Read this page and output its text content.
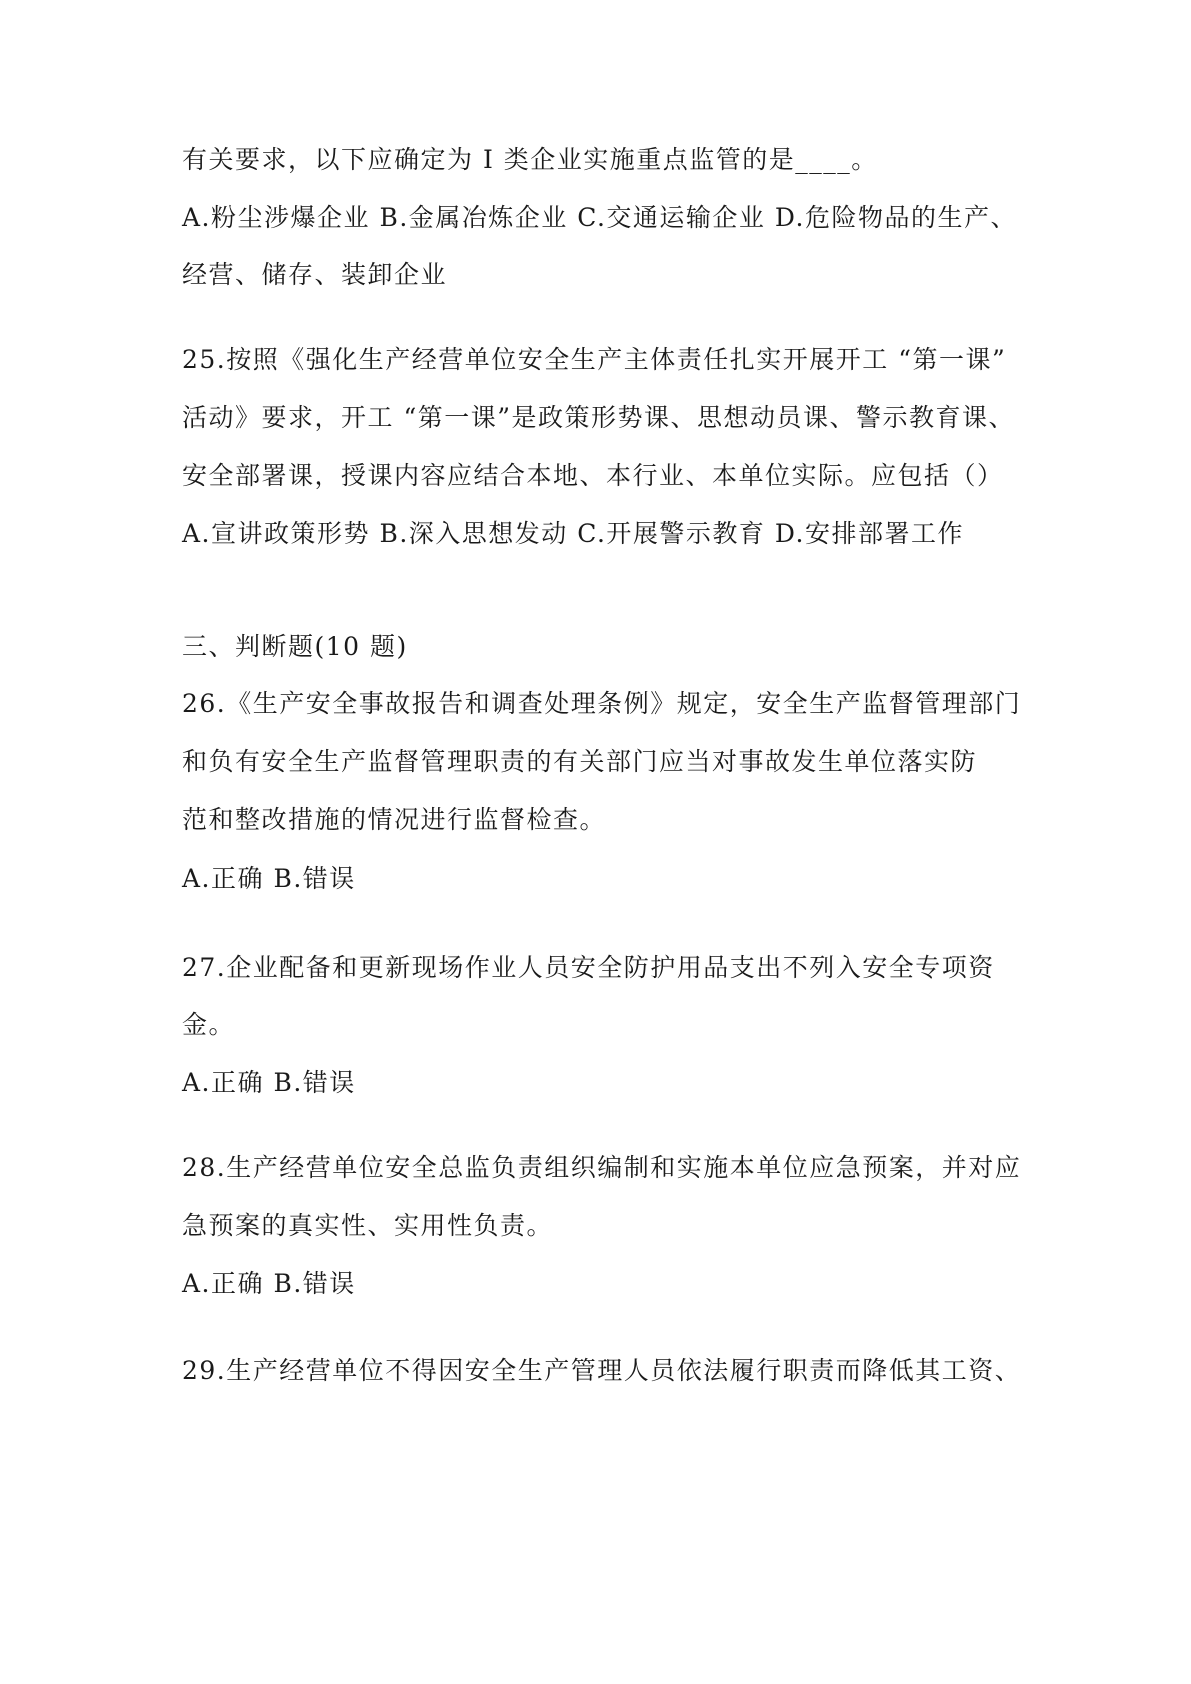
有关要求，以下应确定为 I 类企业实施重点监管的是____。
A.粉尘涉爆企业 B.金属冶炼企业 C.交通运输企业 D.危险物品的生产、
经营、储存、装卸企业
25.按照《强化生产经营单位安全生产主体责任扎实开展开工 “第一课”
活动》要求，开工 “第一课”是政策形势课、思想动员课、警示教育课、
安全部署课，授课内容应结合本地、本行业、本单位实际。应包括（）
A.宣讲政策形势 B.深入思想发动 C.开展警示教育 D.安排部署工作
三、判断题(10 题)
26.《生产安全事故报告和调查处理条例》规定，安全生产监督管理部门
和负有安全生产监督管理职责的有关部门应当对事故发生单位落实防
范和整改措施的情况进行监督检查。
A.正确 B.错误
27.企业配备和更新现场作业人员安全防护用品支出不列入安全专项资
金。
A.正确 B.错误
28.生产经营单位安全总监负责组织编制和实施本单位应急预案，并对应
急预案的真实性、实用性负责。
A.正确 B.错误
29.生产经营单位不得因安全生产管理人员依法履行职责而降低其工资、
